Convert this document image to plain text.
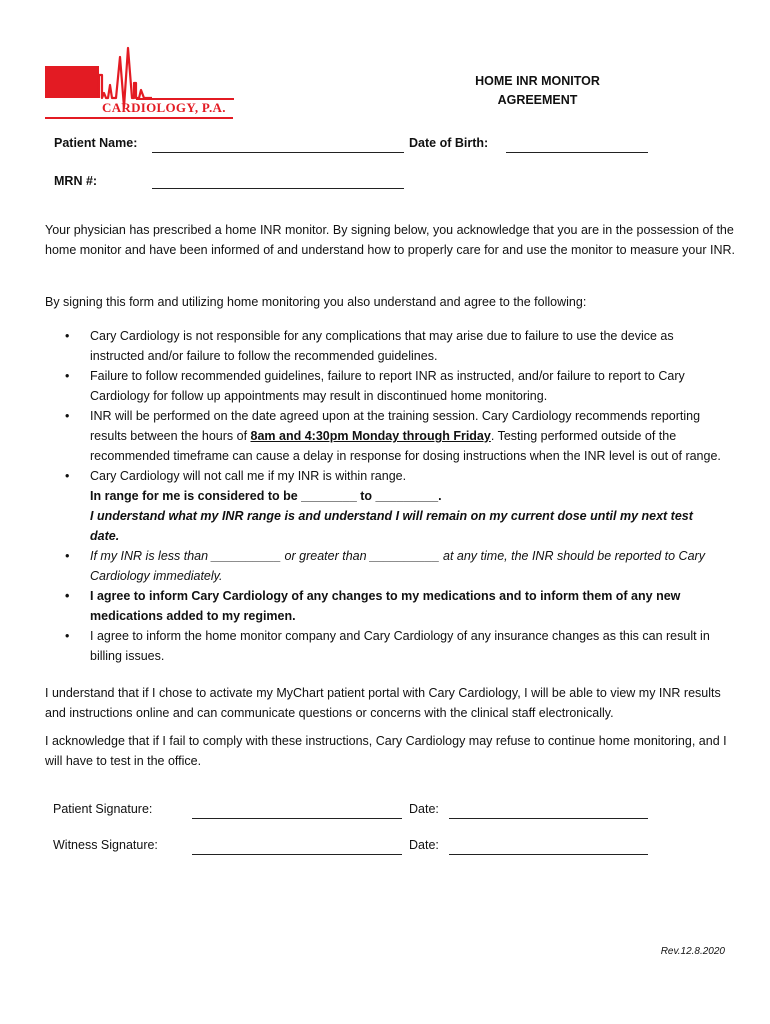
CARY CARDIOLOGY, P.A.
HOME INR MONITOR
AGREEMENT
Patient Name:	Date of Birth:
MRN #:
Your physician has prescribed a home INR monitor. By signing below, you acknowledge that you are in the possession of the home monitor and have been informed of and understand how to properly care for and use the monitor to measure your INR.
By signing this form and utilizing home monitoring you also understand and agree to the following:
• Cary Cardiology is not responsible for any complications that may arise due to failure to use the device as instructed and/or failure to follow the recommended guidelines.
• Failure to follow recommended guidelines, failure to report INR as instructed, and/or failure to report to Cary Cardiology for follow up appointments may result in discontinued home monitoring.
• INR will be performed on the date agreed upon at the training session. Cary Cardiology recommends reporting results between the hours of 8am and 4:30pm Monday through Friday. Testing performed outside of the recommended timeframe can cause a delay in response for dosing instructions when the INR level is out of range.
• Cary Cardiology will not call me if my INR is within range.
In range for me is considered to be ________ to _________.
I understand what my INR range is and understand I will remain on my current dose until my next test date.
• If my INR is less than __________ or greater than __________ at any time, the INR should be reported to Cary Cardiology immediately.
• I agree to inform Cary Cardiology of any changes to my medications and to inform them of any new medications added to my regimen.
• I agree to inform the home monitor company and Cary Cardiology of any insurance changes as this can result in billing issues.
I understand that if I chose to activate my MyChart patient portal with Cary Cardiology, I will be able to view my INR results and instructions online and can communicate questions or concerns with the clinical staff electronically.
I acknowledge that if I fail to comply with these instructions, Cary Cardiology may refuse to continue home monitoring, and I will have to test in the office.
Patient Signature:	Date:
Witness Signature:	Date:
Rev.12.8.2020
